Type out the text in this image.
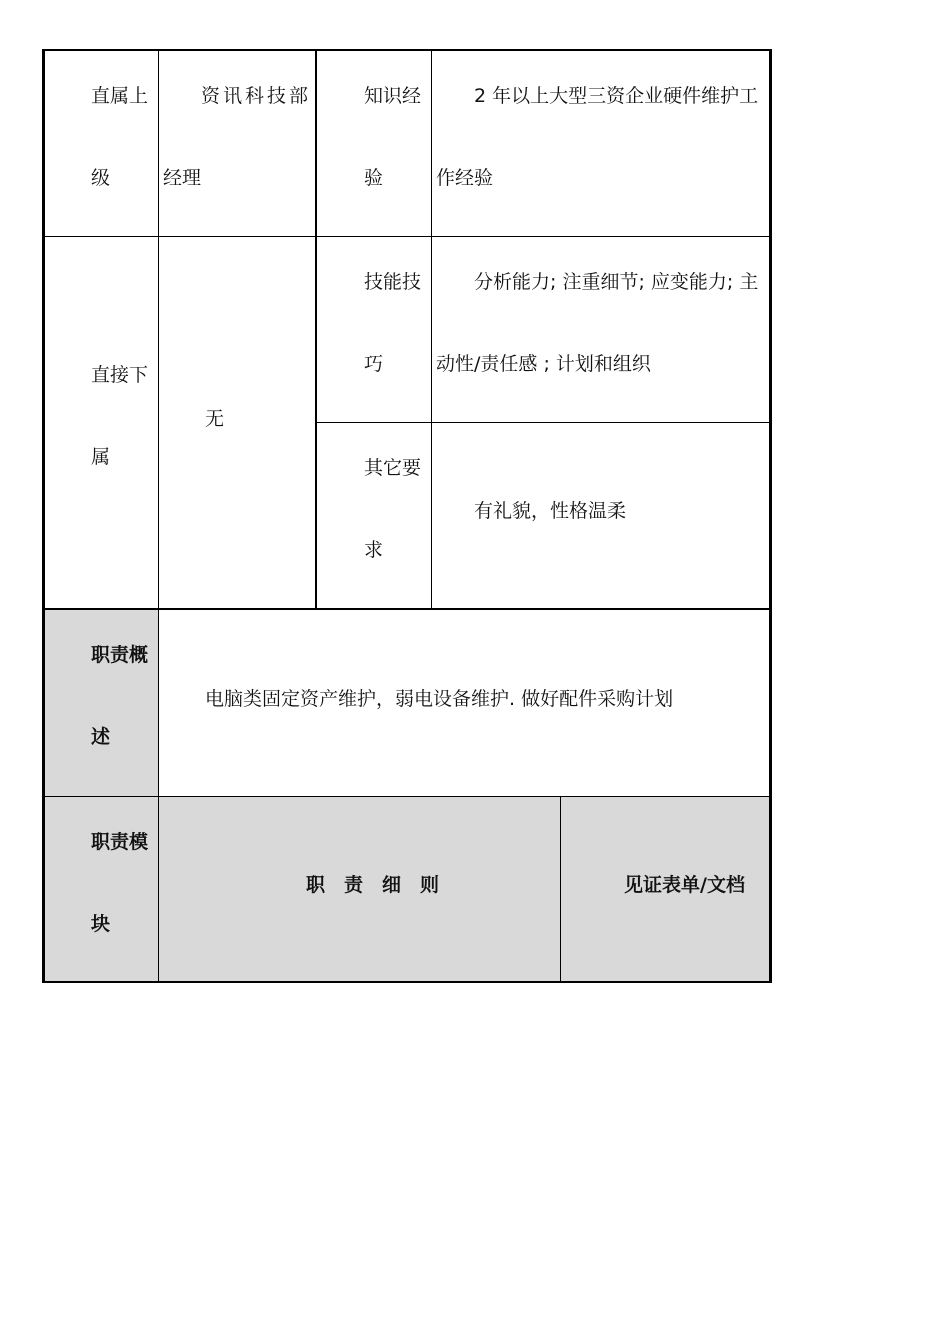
直属上
级
资讯科技部
经理
知识经
验
2 年以上大型三资企业硬件维护工
作经验
直接下
属
无
技能技
巧
分析能力; 注重细节; 应变能力; 主
动性/责任感 ; 计划和组织
其它要
求
有礼貌，性格温柔
职责概
述
电脑类固定资产维护，弱电设备维护. 做好配件采购计划
职责模
块
职　责　细　则	见证表单/文档
